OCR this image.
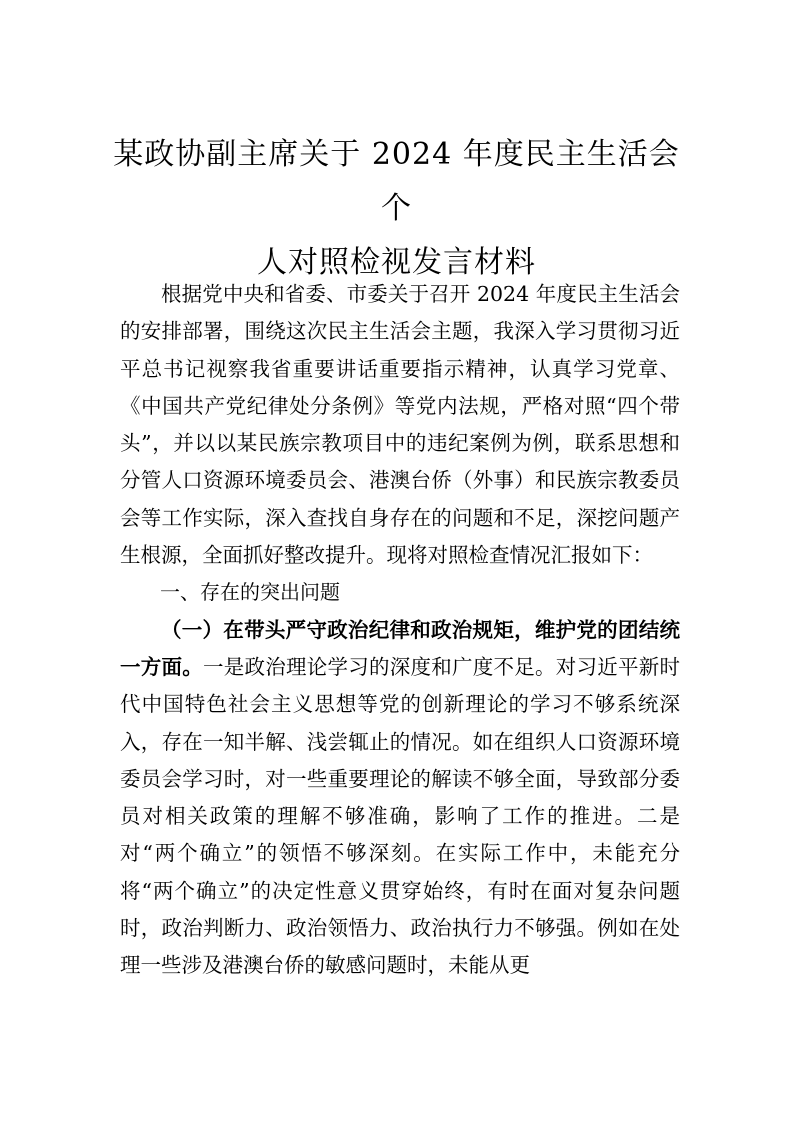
某政协副主席关于 2024 年度民主生活会个
人对照检视发言材料

根据党中央和省委、市委关于召开 2024 年度民主生活会的安排部署，围绕这次民主生活会主题，我深入学习贯彻习近平总书记视察我省重要讲话重要指示精神，认真学习党章、《中国共产党纪律处分条例》等党内法规，严格对照“四个带头”，并以以某民族宗教项目中的违纪案例为例，联系思想和分管人口资源环境委员会、港澳台侨（外事）和民族宗教委员会等工作实际，深入查找自身存在的问题和不足，深挖问题产生根源，全面抓好整改提升。现将对照检查情况汇报如下：

一、存在的突出问题

（一）在带头严守政治纪律和政治规矩，维护党的团结统一方面。一是政治理论学习的深度和广度不足。对习近平新时代中国特色社会主义思想等党的创新理论的学习不够系统深入，存在一知半解、浅尝辄止的情况。如在组织人口资源环境委员会学习时，对一些重要理论的解读不够全面，导致部分委员对相关政策的理解不够准确，影响了工作的推进。二是对“两个确立”的领悟不够深刻。在实际工作中，未能充分将“两个确立”的决定性意义贯穿始终，有时在面对复杂问题时，政治判断力、政治领悟力、政治执行力不够强。例如在处理一些涉及港澳台侨的敏感问题时，未能从更
